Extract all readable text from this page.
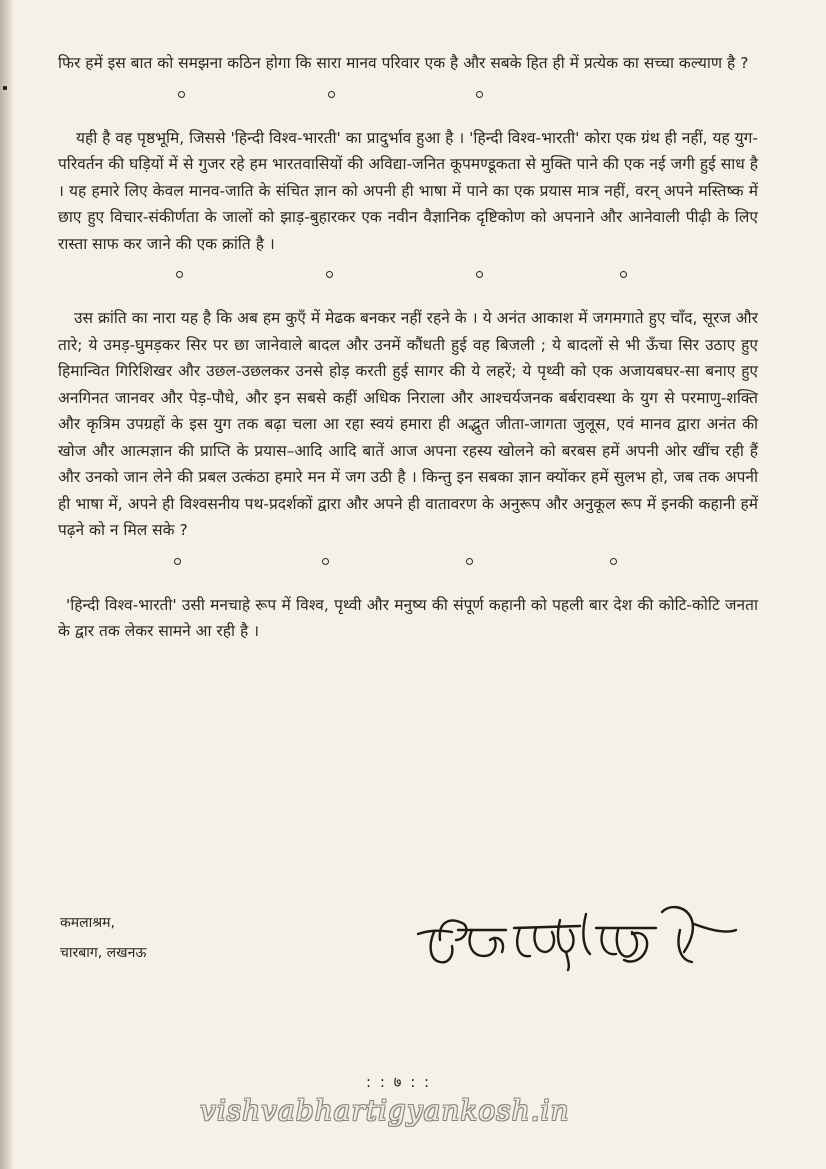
फिर हमें इस बात को समझना कठिन होगा कि सारा मानव परिवार एक है और सबके हित ही में प्रत्येक का सच्चा कल्याण है ?

यही है वह पृष्ठभूमि, जिससे 'हिन्दी विश्व-भारती' का प्रादुर्भाव हुआ है । 'हिन्दी विश्व-भारती' कोरा एक ग्रंथ ही नहीं, यह युग-परिवर्तन की घड़ियों में से गुजर रहे हम भारतवासियों की अविद्या-जनित कूपमण्डूकता से मुक्ति पाने की एक नई जगी हुई साध है । यह हमारे लिए केवल मानव-जाति के संचित ज्ञान को अपनी ही भाषा में पाने का एक प्रयास मात्र नहीं, वरन् अपने मस्तिष्क में छाए हुए विचार-संकीर्णता के जालों को झाड़-बुहारकर एक नवीन वैज्ञानिक दृष्टिकोण को अपनाने और आनेवाली पीढ़ी के लिए रास्ता साफ कर जाने की एक क्रांति है ।

उस क्रांति का नारा यह है कि अब हम कुएँ में मेढक बनकर नहीं रहने के । ये अनंत आकाश में जगमगाते हुए चाँद, सूरज और तारे; ये उमड़-घुमड़कर सिर पर छा जानेवाले बादल और उनमें कौंधती हुई वह बिजली ; ये बादलों से भी ऊँचा सिर उठाए हुए हिमान्वित गिरिशिखर और उछल-उछलकर उनसे होड़ करती हुई सागर की ये लहरें; ये पृथ्वी को एक अजायबघर-सा बनाए हुए अनगिनत जानवर और पेड़-पौधे, और इन सबसे कहीं अधिक निराला और आश्चर्यजनक बर्बरावस्था के युग से परमाणु-शक्ति और कृत्रिम उपग्रहों के इस युग तक बढ़ा चला आ रहा स्वयं हमारा ही अद्भुत जीता-जागता जुलूस, एवं मानव द्वारा अनंत की खोज और आत्मज्ञान की प्राप्ति के प्रयास–आदि आदि बातें आज अपना रहस्य खोलने को बरबस हमें अपनी ओर खींच रही हैं और उनको जान लेने की प्रबल उत्कंठा हमारे मन में जग उठी है । किन्तु इन सबका ज्ञान क्योंकर हमें सुलभ हो, जब तक अपनी ही भाषा में, अपने ही विश्वसनीय पथ-प्रदर्शकों द्वारा और अपने ही वातावरण के अनुरूप और अनुकूल रूप में इनकी कहानी हमें पढ़ने को न मिल सके ?

'हिन्दी विश्व-भारती' उसी मनचाहे रूप में विश्व, पृथ्वी और मनुष्य की संपूर्ण कहानी को पहली बार देश की कोटि-कोटि जनता के द्वार तक लेकर सामने आ रही है ।

कमलाश्रम,
चारबाग, लखनऊ
: : ७ : :
vishvabhartigyankosh.in
